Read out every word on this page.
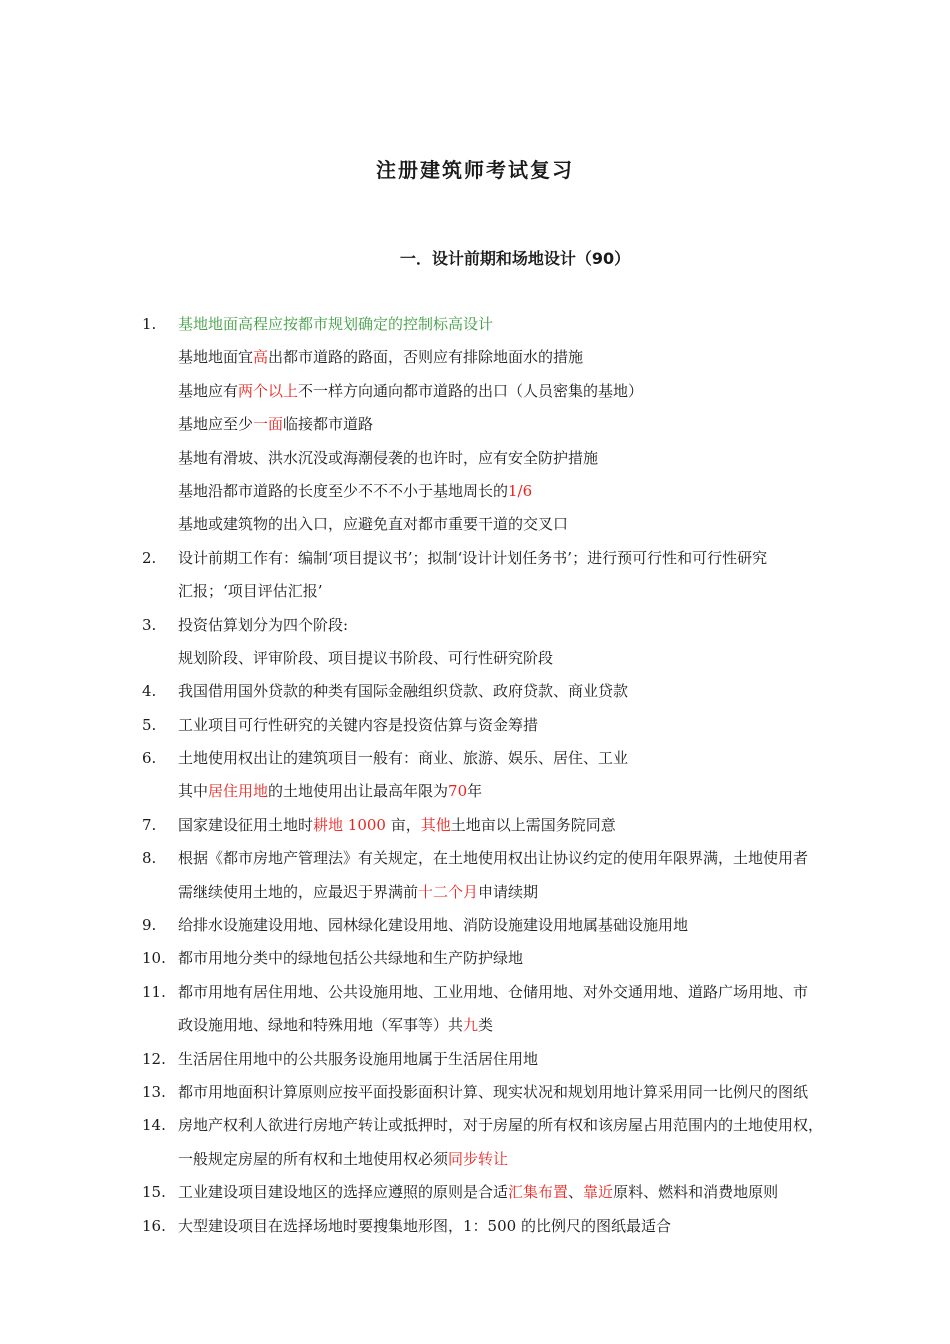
注册建筑师考试复习
一．设计前期和场地设计（90）
1.	基地地面高程应按都市规划确定的控制标高设计
基地地面宜高出都市道路的路面，否则应有排除地面水的措施
基地应有两个以上不一样方向通向都市道路的出口（人员密集的基地）
基地应至少一面临接都市道路
基地有滑坡、洪水沉没或海潮侵袭的也许时，应有安全防护措施
基地沿都市道路的长度至少不不不小于基地周长的1/6
基地或建筑物的出入口，应避免直对都市重要干道的交叉口
2.	设计前期工作有：编制‘项目提议书’；拟制‘设计计划任务书’；进行预可行性和可行性研究
汇报；‘项目评估汇报’
3.	投资估算划分为四个阶段:
规划阶段、评审阶段、项目提议书阶段、可行性研究阶段
4.	我国借用国外贷款的种类有国际金融组织贷款、政府贷款、商业贷款
5.	工业项目可行性研究的关键内容是投资估算与资金筹措
6.	土地使用权出让的建筑项目一般有：商业、旅游、娱乐、居住、工业
其中居住用地的土地使用出让最高年限为70年
7.	国家建设征用土地时耕地 1000 亩，其他土地亩以上需国务院同意
8.	根据《都市房地产管理法》有关规定，在土地使用权出让协议约定的使用年限界满，土地使用者
需继续使用土地的，应最迟于界满前十二个月申请续期
9.	给排水设施建设用地、园林绿化建设用地、消防设施建设用地属基础设施用地
10. 都市用地分类中的绿地包括公共绿地和生产防护绿地
11. 都市用地有居住用地、公共设施用地、工业用地、仓储用地、对外交通用地、道路广场用地、市
政设施用地、绿地和特殊用地（军事等）共九类
12. 生活居住用地中的公共服务设施用地属于生活居住用地
13. 都市用地面积计算原则应按平面投影面积计算、现实状况和规划用地计算采用同一比例尺的图纸
14. 房地产权利人欲进行房地产转让或抵押时，对于房屋的所有权和该房屋占用范围内的土地使用权，
一般规定房屋的所有权和土地使用权必须同步转让
15. 工业建设项目建设地区的选择应遵照的原则是合适汇集布置、靠近原料、燃料和消费地原则
16. 大型建设项目在选择场地时要搜集地形图，1：500 的比例尺的图纸最适合
